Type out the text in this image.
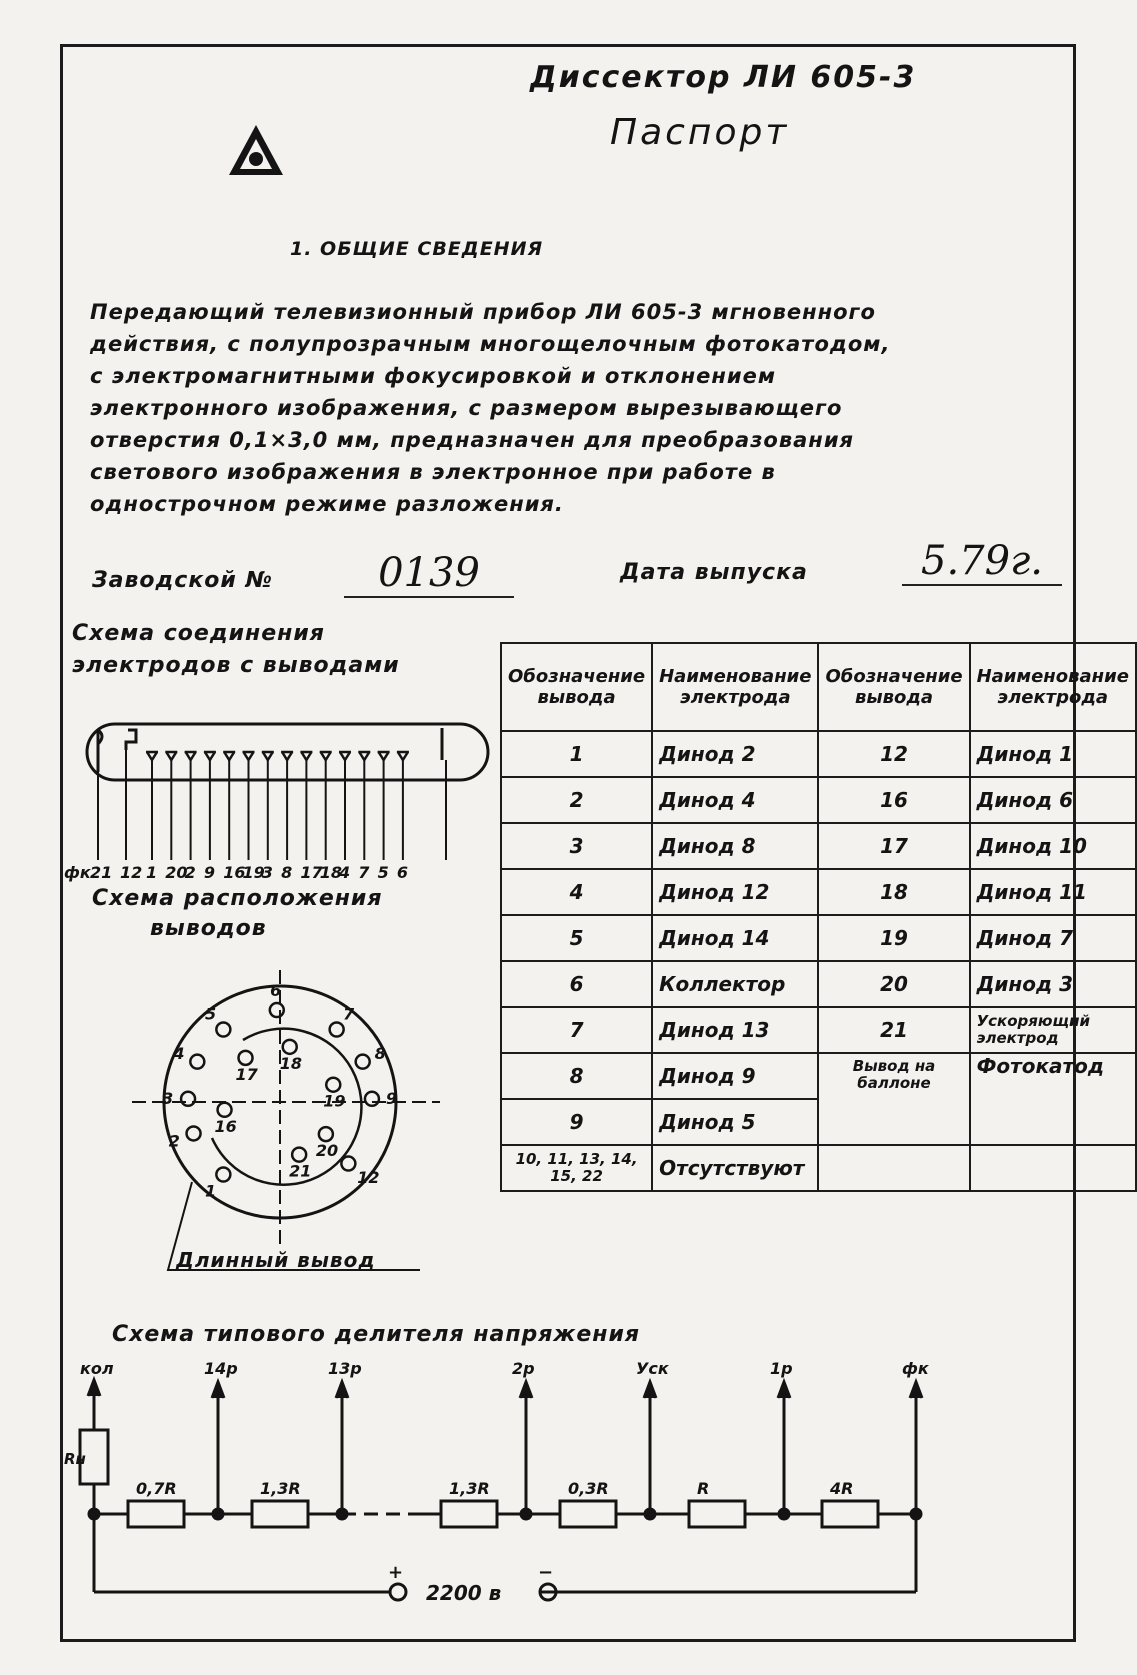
Диссектор ЛИ 605-3
Паспорт
1. ОБЩИЕ СВЕДЕНИЯ
Передающий телевизионный прибор ЛИ 605-3 мгновенного
действия, с полупрозрачным многощелочным фотокатодом,
с электромагнитными фокусировкой и отклонением
электронного изображения, с размером вырезывающего
отверстия 0,1×3,0 мм, предназначен для преобразования
светового изображения в электронное при работе в
однострочном режиме разложения.
Заводской №	0139	Дата выпуска	5.79г.
Схема соединения
электродов с выводами
фк 21 12 1 20
2 9 16
19
3 8 17
18
4 7 5 6
Схема расположения
выводов
1
2
3
4
5
6
7
8
9
12
16
17
18
19
20
21
Длинный вывод
Обозначение вывода	Наименование электрода	Обозначение вывода	Наименование электрода
1	Динод 2	12	Динод 1
2	Динод 4	16	Динод 6
3	Динод 8	17	Динод 10
4	Динод 12	18	Динод 11
5	Динод 14	19	Динод 7
6	Коллектор	20	Динод 3
7	Динод 13	21	Ускоряющий электрод
8	Динод 9	Вывод на баллоне	Фотокатод
9	Динод 5		
10, 11, 13, 14, 15, 22	Отсутствуют		
Схема типового делителя напряжения
0,7R	1,3R	1,3R	0,3R	R	4R
кол	14р	13р	2р	Уск	1р	фк
Rн
+	−
2200 в
